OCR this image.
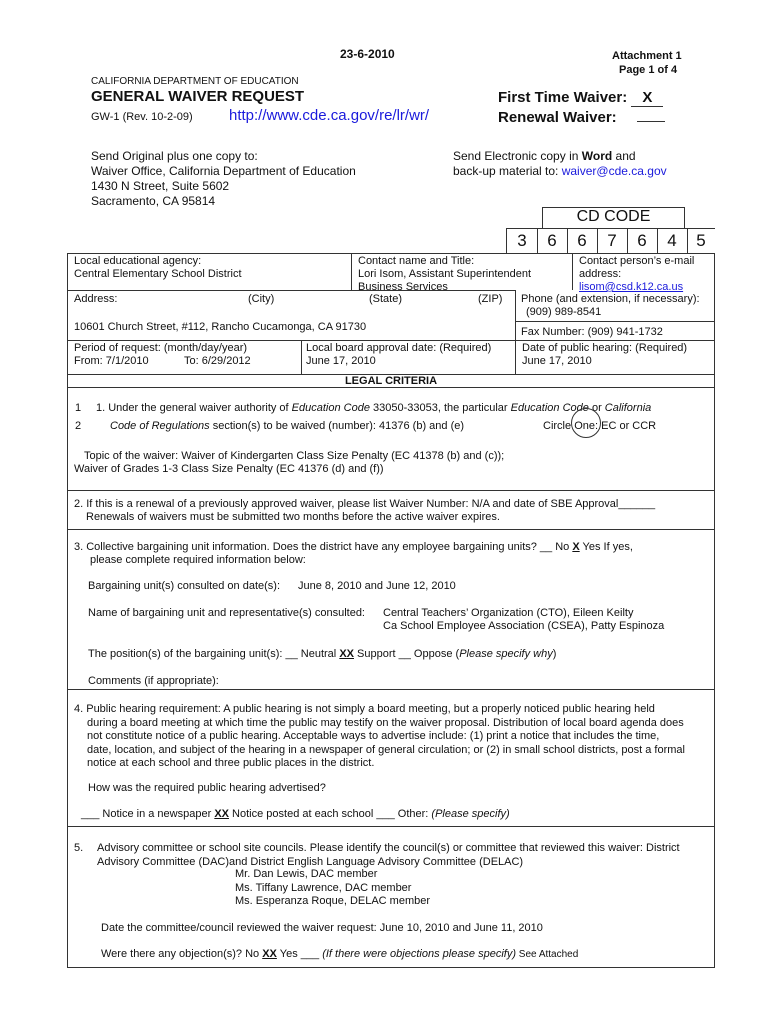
23-6-2010	Attachment 1
Page 1 of 4
CALIFORNIA DEPARTMENT OF EDUCATION
GENERAL WAIVER REQUEST
GW-1 (Rev. 10-2-09) http://www.cde.ca.gov/re/lr/wr/
First Time Waiver: X
Renewal Waiver:
Send Original plus one copy to:
Waiver Office, California Department of Education
1430 N Street, Suite 5602
Sacramento, CA 95814
Send Electronic copy in Word and
back-up material to: waiver@cde.ca.gov
CD CODE
3	6	6	7	6	4	5
Local educational agency:
Central Elementary School District
Contact name and Title:
Lori Isom, Assistant Superintendent
Business Services
Contact person’s e-mail
address:
lisom@csd.k12.ca.us
Address:	(City)	(State)	(ZIP)
10601 Church Street, #112, Rancho Cucamonga, CA 91730
Phone (and extension, if necessary):
(909) 989-8541
Fax Number: (909) 941-1732
Period of request: (month/day/year)
From: 7/1/2010	To: 6/29/2012
Local board approval date: (Required)
June 17, 2010
Date of public hearing: (Required)
June 17, 2010
LEGAL CRITERIA
1
2
1. Under the general waiver authority of Education Code 33050-33053, the particular Education Code or California
Code of Regulations section(s) to be waived (number): 41376 (b) and (e)	Circle One: EC or CCR
Topic of the waiver: Waiver of Kindergarten Class Size Penalty (EC 41378 (b) and (c));
Waiver of Grades 1-3 Class Size Penalty (EC 41376 (d) and (f))
2. If this is a renewal of a previously approved waiver, please list Waiver Number: N/A and date of SBE Approval______
Renewals of waivers must be submitted two months before the active waiver expires.
3. Collective bargaining unit information. Does the district have any employee bargaining units? __ No X Yes If yes,
please complete required information below:
Bargaining unit(s) consulted on date(s): June 8, 2010 and June 12, 2010
Name of bargaining unit and representative(s) consulted: Central Teachers’ Organization (CTO), Eileen Keilty
Ca School Employee Association (CSEA), Patty Espinoza
The position(s) of the bargaining unit(s): __ Neutral XX Support __ Oppose (Please specify why)
Comments (if appropriate):
4. Public hearing requirement: A public hearing is not simply a board meeting, but a properly noticed public hearing held
during a board meeting at which time the public may testify on the waiver proposal. Distribution of local board agenda does
not constitute notice of a public hearing. Acceptable ways to advertise include: (1) print a notice that includes the time,
date, location, and subject of the hearing in a newspaper of general circulation; or (2) in small school districts, post a formal
notice at each school and three public places in the district.
How was the required public hearing advertised?
___ Notice in a newspaper XX Notice posted at each school ___ Other: (Please specify)
5. Advisory committee or school site councils. Please identify the council(s) or committee that reviewed this waiver: District
Advisory Committee (DAC)and District English Language Advisory Committee (DELAC)
Mr. Dan Lewis, DAC member
Ms. Tiffany Lawrence, DAC member
Ms. Esperanza Roque, DELAC member
Date the committee/council reviewed the waiver request: June 10, 2010 and June 11, 2010
Were there any objection(s)? No XX Yes ___ (If there were objections please specify) See Attached
